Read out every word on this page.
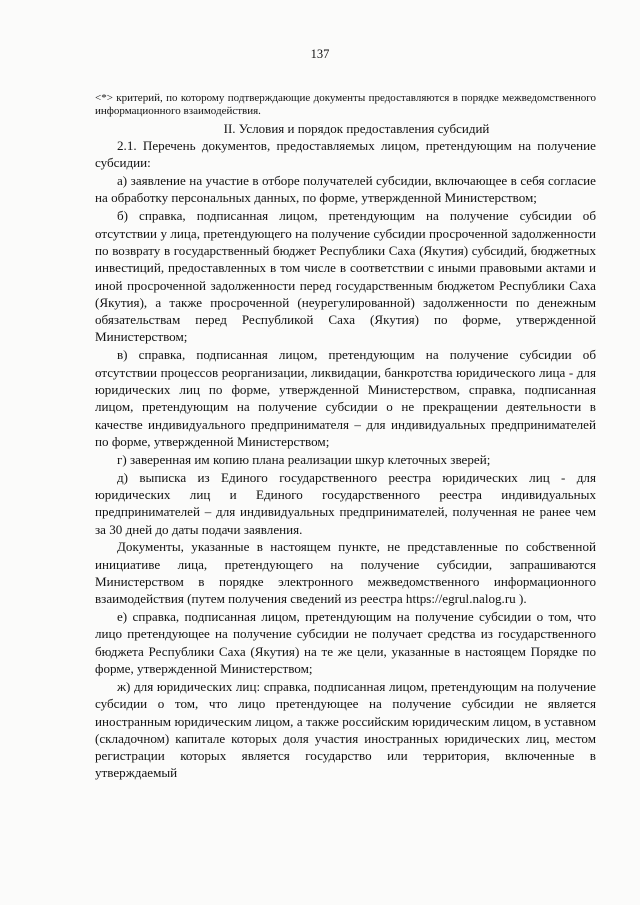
137

<*> критерий, по которому подтверждающие документы предоставляются в порядке межведомственного информационного взаимодействия.

II. Условия и порядок предоставления субсидий

2.1. Перечень документов, предоставляемых лицом, претендующим на получение субсидии:

а) заявление на участие в отборе получателей субсидии, включающее в себя согласие на обработку персональных данных, по форме, утвержденной Министерством;

б) справка, подписанная лицом, претендующим на получение субсидии об отсутствии у лица, претендующего на получение субсидии просроченной задолженности по возврату в государственный бюджет Республики Саха (Якутия) субсидий, бюджетных инвестиций, предоставленных в том числе в соответствии с иными правовыми актами и иной просроченной задолженности перед государственным бюджетом Республики Саха (Якутия), а также просроченной (неурегулированной) задолженности по денежным обязательствам перед Республикой Саха (Якутия) по форме, утвержденной Министерством;

в) справка, подписанная лицом, претендующим на получение субсидии об отсутствии процессов реорганизации, ликвидации, банкротства юридического лица - для юридических лиц по форме, утвержденной Министерством, справка, подписанная лицом, претендующим на получение субсидии о не прекращении деятельности в качестве индивидуального предпринимателя – для индивидуальных предпринимателей по форме, утвержденной Министерством;

г) заверенная им копию плана реализации шкур клеточных зверей;

д) выписка из Единого государственного реестра юридических лиц - для юридических лиц и Единого государственного реестра индивидуальных предпринимателей – для индивидуальных предпринимателей, полученная не ранее чем за 30 дней до даты подачи заявления.

Документы, указанные в настоящем пункте, не представленные по собственной инициативе лица, претендующего на получение субсидии, запрашиваются Министерством в порядке электронного межведомственного информационного взаимодействия (путем получения сведений из реестра https://egrul.nalog.ru ).

е) справка, подписанная лицом, претендующим на получение субсидии о том, что лицо претендующее на получение субсидии не получает средства из государственного бюджета Республики Саха (Якутия) на те же цели, указанные в настоящем Порядке по форме, утвержденной Министерством;

ж) для юридических лиц: справка, подписанная лицом, претендующим на получение субсидии о том, что лицо претендующее на получение субсидии не является иностранным юридическим лицом, а также российским юридическим лицом, в уставном (складочном) капитале которых доля участия иностранных юридических лиц, местом регистрации которых является государство или территория, включенные в утверждаемый
